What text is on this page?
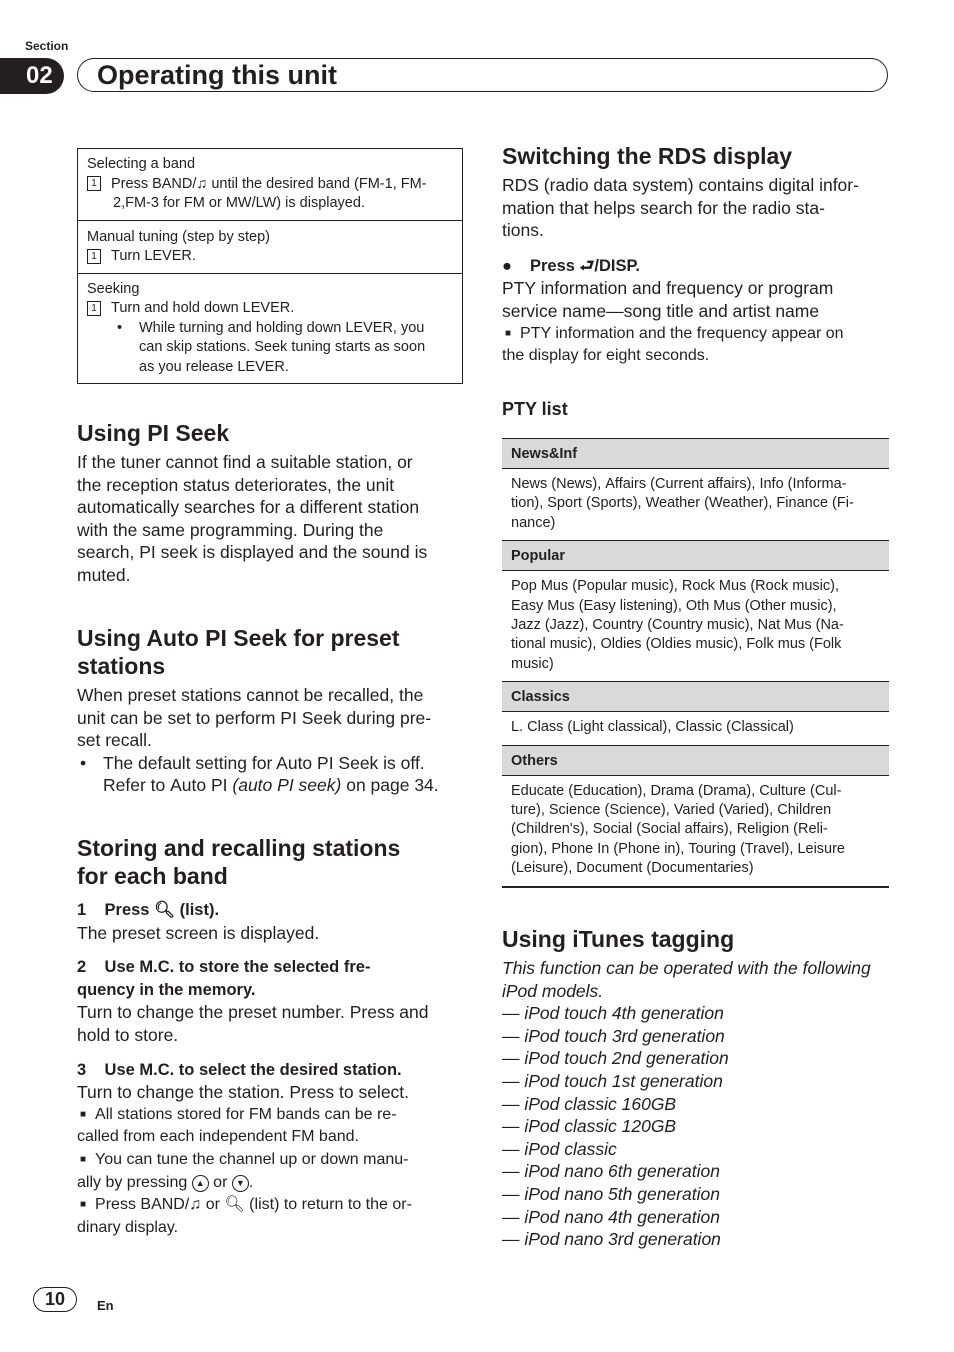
Section
02	Operating this unit
Selecting a band
1 Press BAND/♫ until the desired band (FM-1, FM-
2,FM-3 for FM or MW/LW) is displayed.
Manual tuning (step by step)
1 Turn LEVER.
Seeking
1 Turn and hold down LEVER.
• While turning and holding down LEVER, you
can skip stations. Seek tuning starts as soon
as you release LEVER.
Using PI Seek
If the tuner cannot find a suitable station, or
the reception status deteriorates, the unit
automatically searches for a different station
with the same programming. During the
search, PI seek is displayed and the sound is
muted.
Using Auto PI Seek for preset
stations
When preset stations cannot be recalled, the
unit can be set to perform PI Seek during pre-
set recall.
• The default setting for Auto PI Seek is off.
Refer to Auto PI (auto PI seek) on page 34.
Storing and recalling stations
for each band
1 Press 🔍︎ (list).
The preset screen is displayed.
2 Use M.C. to store the selected fre-
quency in the memory.
Turn to change the preset number. Press and
hold to store.
3 Use M.C. to select the desired station.
Turn to change the station. Press to select.
■ All stations stored for FM bands can be re-
called from each independent FM band.
■ You can tune the channel up or down manu-
ally by pressing ▲ or ▼ .
■ Press BAND/♫ or 🔍︎ (list) to return to the or-
dinary display.
Switching the RDS display
RDS (radio data system) contains digital infor-
mation that helps search for the radio sta-
tions.
● Press ⮐/DISP.
PTY information and frequency or program
service name—song title and artist name
■ PTY information and the frequency appear on
the display for eight seconds.
PTY list
News&Inf
News (News), Affairs (Current affairs), Info (Informa-
tion), Sport (Sports), Weather (Weather), Finance (Fi-
nance)
Popular
Pop Mus (Popular music), Rock Mus (Rock music),
Easy Mus (Easy listening), Oth Mus (Other music),
Jazz (Jazz), Country (Country music), Nat Mus (Na-
tional music), Oldies (Oldies music), Folk mus (Folk
music)
Classics
L. Class (Light classical), Classic (Classical)
Others
Educate (Education), Drama (Drama), Culture (Cul-
ture), Science (Science), Varied (Varied), Children
(Children's), Social (Social affairs), Religion (Reli-
gion), Phone In (Phone in), Touring (Travel), Leisure
(Leisure), Document (Documentaries)
Using iTunes tagging
This function can be operated with the following
iPod models.
— iPod touch 4th generation
— iPod touch 3rd generation
— iPod touch 2nd generation
— iPod touch 1st generation
— iPod classic 160GB
— iPod classic 120GB
— iPod classic
— iPod nano 6th generation
— iPod nano 5th generation
— iPod nano 4th generation
— iPod nano 3rd generation
10	En
